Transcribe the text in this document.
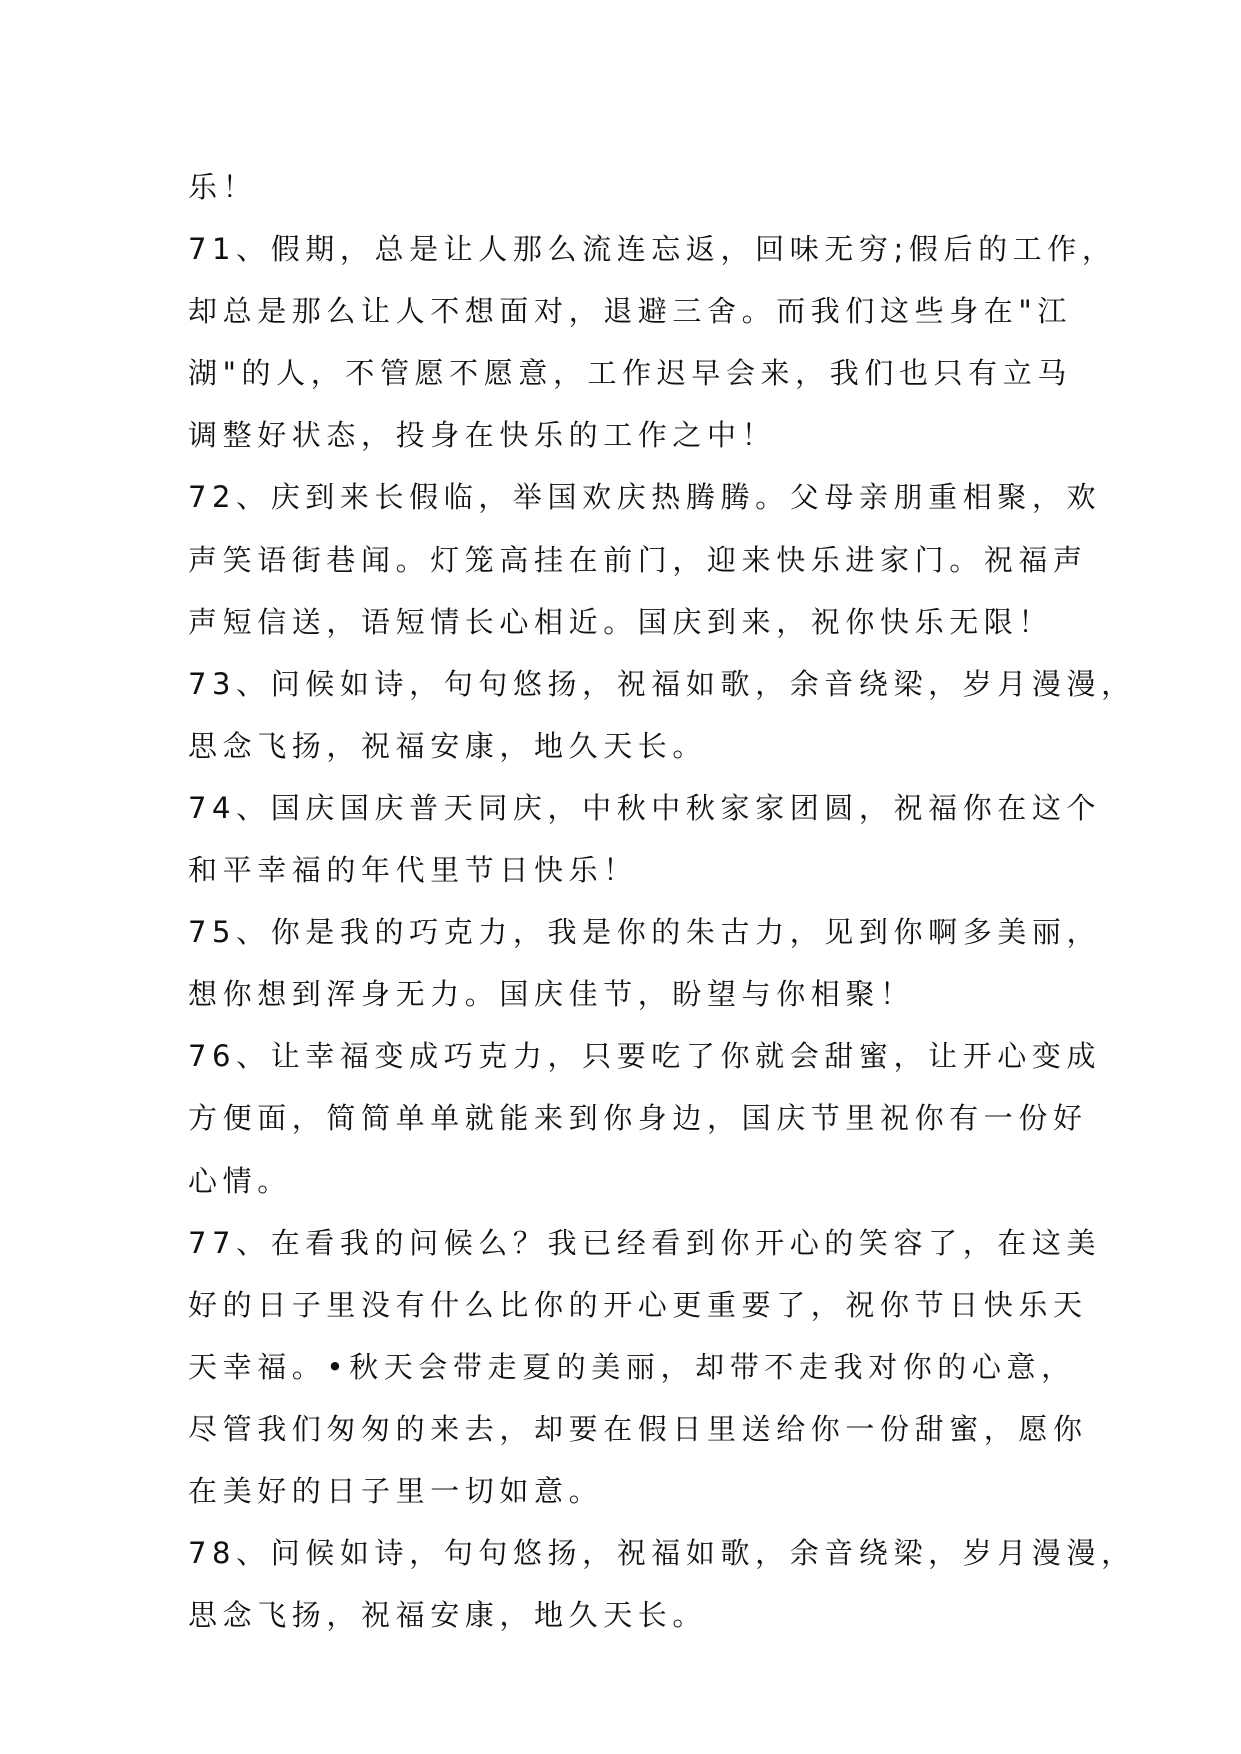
乐！
71、假期，总是让人那么流连忘返，回味无穷;假后的工作，
却总是那么让人不想面对，退避三舍。而我们这些身在"江
湖"的人，不管愿不愿意，工作迟早会来，我们也只有立马
调整好状态，投身在快乐的工作之中！
72、庆到来长假临，举国欢庆热腾腾。父母亲朋重相聚，欢
声笑语街巷闻。灯笼高挂在前门，迎来快乐进家门。祝福声
声短信送，语短情长心相近。国庆到来，祝你快乐无限！
73、问候如诗，句句悠扬，祝福如歌，余音绕梁，岁月漫漫，
思念飞扬，祝福安康，地久天长。
74、国庆国庆普天同庆，中秋中秋家家团圆，祝福你在这个
和平幸福的年代里节日快乐！
75、你是我的巧克力，我是你的朱古力，见到你啊多美丽，
想你想到浑身无力。国庆佳节，盼望与你相聚！
76、让幸福变成巧克力，只要吃了你就会甜蜜，让开心变成
方便面，简简单单就能来到你身边，国庆节里祝你有一份好
心情。
77、在看我的问候么？我已经看到你开心的笑容了，在这美
好的日子里没有什么比你的开心更重要了，祝你节日快乐天
天幸福。•秋天会带走夏的美丽，却带不走我对你的心意，
尽管我们匆匆的来去，却要在假日里送给你一份甜蜜，愿你
在美好的日子里一切如意。
78、问候如诗，句句悠扬，祝福如歌，余音绕梁，岁月漫漫，
思念飞扬，祝福安康，地久天长。
